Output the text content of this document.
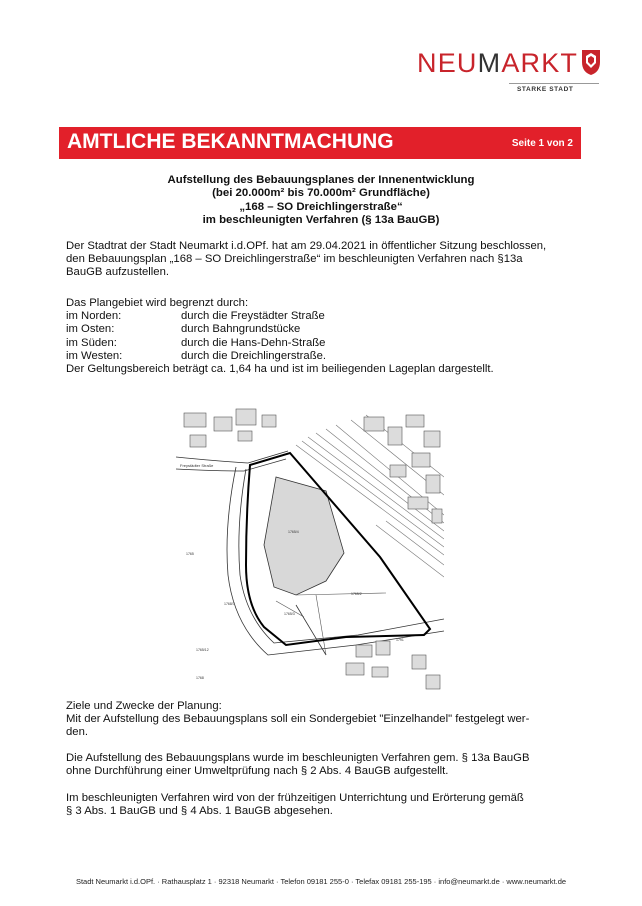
NEUMARKT
STARKE STADT
AMTLICHE BEKANNTMACHUNG	Seite 1 von 2
Aufstellung des Bebauungsplanes der Innenentwicklung
(bei 20.000m² bis 70.000m² Grundfläche)
„168 – SO Dreichlingerstraße“
im beschleunigten Verfahren (§ 13a BauGB)
Der Stadtrat der Stadt Neumarkt i.d.OPf. hat am 29.04.2021 in öffentlicher Sitzung beschlossen,
den Bebauungsplan „168 – SO Dreichlingerstraße“ im beschleunigten Verfahren nach §13a
BauGB aufzustellen.
Das Plangebiet wird begrenzt durch:
im Norden:	durch die Freystädter Straße
im Osten:	durch Bahngrundstücke
im Süden:	durch die Hans-Dehn-Straße
im Westen:	durch die Dreichlingerstraße.
Der Geltungsbereich beträgt ca. 1,64 ha und ist im beiliegenden Lageplan dargestellt.
Freystädter Straße
1765
1765/2
1765/3
1765/4
1765/12
1791
1768/7
1768
Ziele und Zwecke der Planung:
Mit der Aufstellung des Bebauungsplans soll ein Sondergebiet "Einzelhandel" festgelegt wer-
den.
Die Aufstellung des Bebauungsplans wurde im beschleunigten Verfahren gem. § 13a BauGB
ohne Durchführung einer Umweltprüfung nach § 2 Abs. 4 BauGB aufgestellt.
Im beschleunigten Verfahren wird von der frühzeitigen Unterrichtung und Erörterung gemäß
§ 3 Abs. 1 BauGB und § 4 Abs. 1 BauGB abgesehen.
Stadt Neumarkt i.d.OPf. · Rathausplatz 1 · 92318 Neumarkt · Telefon 09181 255-0 · Telefax 09181 255-195 · info@neumarkt.de · www.neumarkt.de
